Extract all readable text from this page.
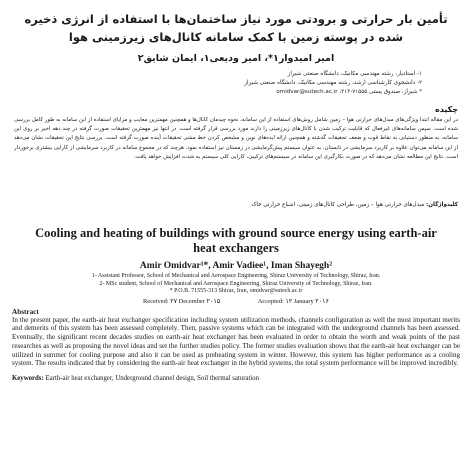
تأمین بار حرارتی و برودتی مورد نیاز ساختمان‌ها با استفاده از انرژی ذخیره شده در پوسته زمین با کمک سامانه کانال‌های زیرزمینی هوا
امیر امیدوار۱*، امیر ودیعی۱، ایمان شایق۲
۱- استادیار، رشته مهندسی مکانیک، دانشگاه صنعتی شیراز
۲- دانشجوی کارشناسی ارشد، رشته مهندسی مکانیک، دانشگاه صنعتی شیراز
* شیراز، صندوق پستی ۷۱۵۵۵-۳۱۳، omidvar@sutech.ac.ir
چکیده
در این مقاله ابتدا ویژگی‌های مبدل‌های حرارتی هوا – زمین شامل روش‌های استفاده از این سامانه، نحوه چیدمان کانال‌ها و همچنین مهمترین معایب و مزایای استفاده از این سامانه به طور کامل بررسی شده است. سپس سامانه‌های غیرفعال که قابلیت ترکیب شدن با کانال‌های زیرزمینی را دارند مورد بررسی قرار گرفته است. در انتها نیز مهمترین تحقیقات صورت گرفته در چند دهه اخیر بر روی این سامانه، به منظور دستیابی به نقاط قوت و ضعف تحقیقات گذشته و همچنین ارائه ایده‌های نوین و مشخص کردن خط مشی تحقیقات آینده صورت گرفته است. بررسی نتایج این تحقیقات نشان می‌دهد از این سامانه می‌توان علاوه بر کاربرد سرمایشی در تابستان، به عنوان سیستم پیش‌گرمایشی در زمستان نیز استفاده نمود. هرچند که در مجموع سامانه در کاربرد سرمایشی از کارایی بیشتری برخوردار است. نتایج این مطالعه نشان می‌دهد که در صورت بکارگیری این سامانه در سیستم‌های ترکیبی، کارایی کلی سیستم به شدت افزایش خواهد یافت.
کلیدواژگان: مبدل‌های حرارتی هوا – زمین، طراحی کانال‌های زمینی، اشباع حرارتی خاک
Cooling and heating of buildings with ground source energy using earth-air heat exchangers
Amir Omidvar¹*, Amir Vadiee¹, Iman Shayegh²
1- Assistant Professor, School of Mechanical and Aerospace Engineering, Shiraz University of Technology, Shiraz, Iran.
2- MSc student, School of Mechanical and Aerospace Engineering, Shiraz University of Technology, Shiraz, Iran.
* P.O.B. 71555-313 Shiraz, Iran, omidvar@sutech.ac.ir
Received: ۲۷ December ۲۰۱۵	Accepted: ۱۲ January ۲۰۱۶
Abstract
In the present paper, the earth-air heat exchanger specification including system utilization methods, channels configuration as well the most important merits and demerits of this system has been assessed completely. Then, passive systems which can be integrated with the underground channels has been assessed. Eventually, the significant recent decades studies on earth-air heat exchanger has been evaluated in order to obtain the worth and weak points of the past researches as well as proposing the novel ideas and set the further studies policy. The former studies evaluation shows that the earth-air heat exchanger can be utilized in summer for cooling purpose and also it can be used as preheating system in winter. However, this system has higher performance as a cooling system. The results indicated that by considering the earth-air heat exchanger in the hybrid systems, the total system performance will be improved incredibly.
Keywords: Earth-air heat exchanger, Underground channel design, Soil thermal saturation
